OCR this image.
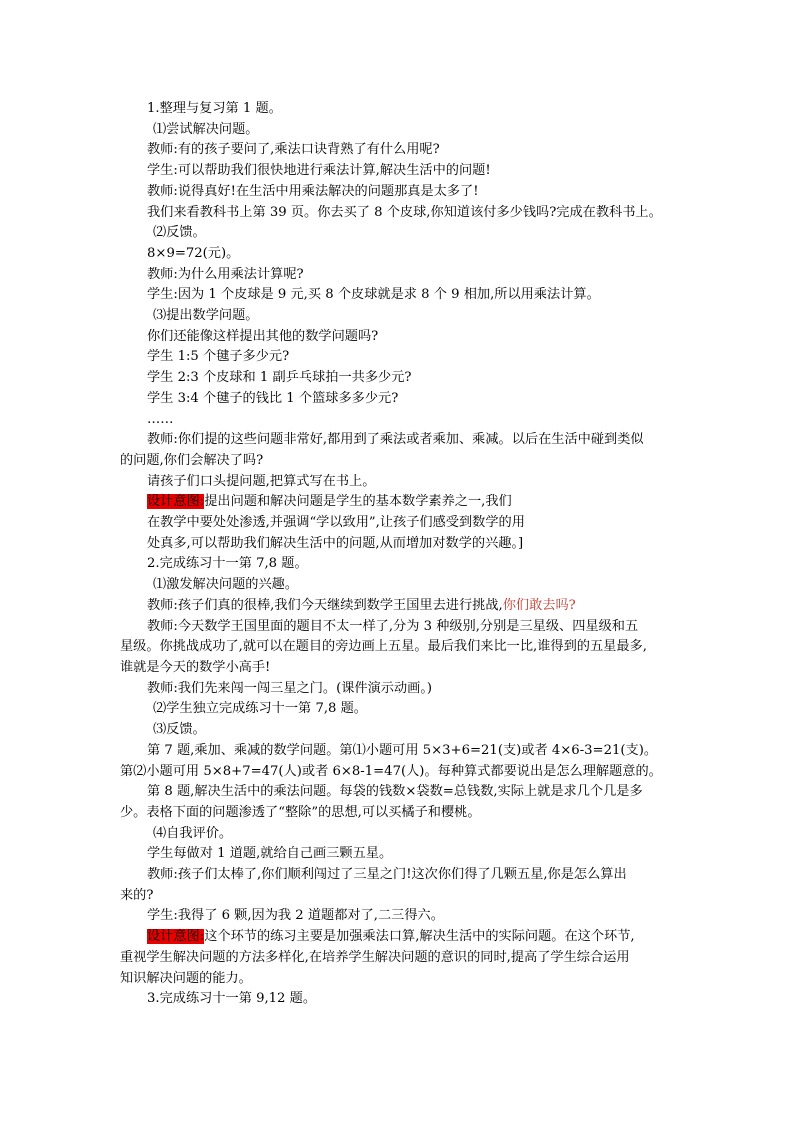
1.整理与复习第 1 题。

⑴尝试解决问题。

教师:有的孩子要问了,乘法口诀背熟了有什么用呢?

学生:可以帮助我们很快地进行乘法计算,解决生活中的问题!

教师:说得真好!在生活中用乘法解决的问题那真是太多了!

我们来看教科书上第 39 页。你去买了 8 个皮球,你知道该付多少钱吗?完成在教科书上。

⑵反馈。

8×9=72(元)。

教师:为什么用乘法计算呢?

学生:因为 1 个皮球是 9 元,买 8 个皮球就是求 8 个 9 相加,所以用乘法计算。

⑶提出数学问题。

你们还能像这样提出其他的数学问题吗?

学生 1:5 个毽子多少元?

学生 2:3 个皮球和 1 副乒乓球拍一共多少元?

学生 3:4 个毽子的钱比 1 个篮球多多少元?

……

教师:你们提的这些问题非常好,都用到了乘法或者乘加、乘减。以后在生活中碰到类似

的问题,你们会解决了吗?

请孩子们口头提问题,把算式写在书上。

设计意图:提出问题和解决问题是学生的基本数学素养之一,我们

在教学中要处处渗透,并强调“学以致用”,让孩子们感受到数学的用

处真多,可以帮助我们解决生活中的问题,从而增加对数学的兴趣。]

2.完成练习十一第 7,8 题。

⑴激发解决问题的兴趣。

教师:孩子们真的很棒,我们今天继续到数学王国里去进行挑战,你们敢去吗?

教师:今天数学王国里面的题目不太一样了,分为 3 种级别,分别是三星级、四星级和五

星级。你挑战成功了,就可以在题目的旁边画上五星。最后我们来比一比,谁得到的五星最多,

谁就是今天的数学小高手!

教师:我们先来闯一闯三星之门。(课件演示动画。)

⑵学生独立完成练习十一第 7,8 题。

⑶反馈。

第 7 题,乘加、乘减的数学问题。第⑴小题可用 5×3+6=21(支)或者 4×6-3=21(支)。

第⑵小题可用 5×8+7=47(人)或者 6×8-1=47(人)。每种算式都要说出是怎么理解题意的。

第 8 题,解决生活中的乘法问题。每袋的钱数×袋数=总钱数,实际上就是求几个几是多

少。表格下面的问题渗透了“整除”的思想,可以买橘子和樱桃。

⑷自我评价。

学生每做对 1 道题,就给自己画三颗五星。

教师:孩子们太棒了,你们顺利闯过了三星之门!这次你们得了几颗五星,你是怎么算出

来的?

学生:我得了 6 颗,因为我 2 道题都对了,二三得六。

设计意图:这个环节的练习主要是加强乘法口算,解决生活中的实际问题。在这个环节,

重视学生解决问题的方法多样化,在培养学生解决问题的意识的同时,提高了学生综合运用

知识解决问题的能力。

3.完成练习十一第 9,12 题。
